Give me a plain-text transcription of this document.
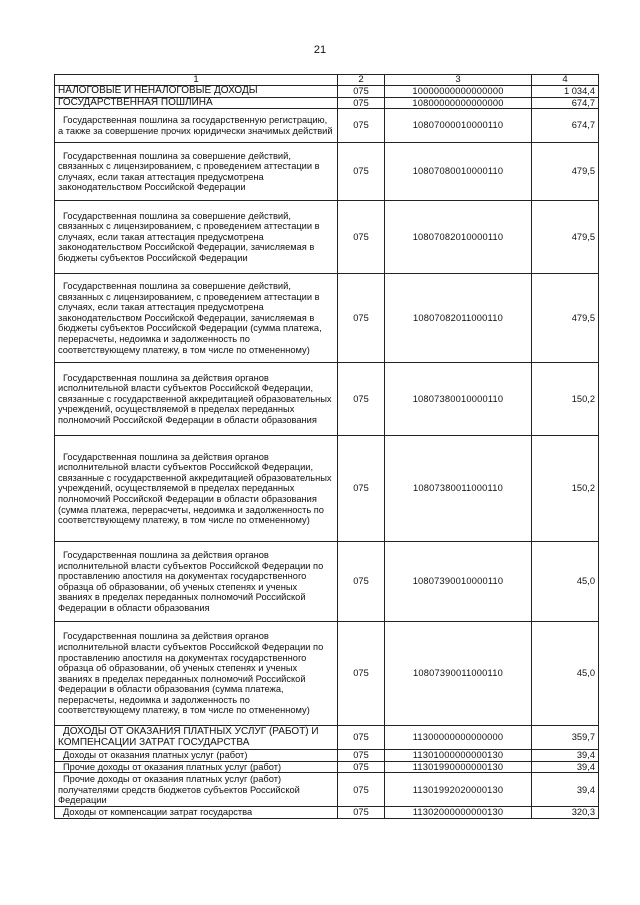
21
1	2	3	4
НАЛОГОВЫЕ И НЕНАЛОГОВЫЕ ДОХОДЫ	075	10000000000000000	1 034,4
ГОСУДАРСТВЕННАЯ ПОШЛИНА	075	10800000000000000	674,7
Государственная пошлина за государственную регистрацию, а также за совершение прочих юридически значимых действий	075	10807000010000110	674,7
Государственная пошлина за совершение действий, связанных с лицензированием, с проведением аттестации в случаях, если такая аттестация предусмотрена законодательством Российской Федерации	075	10807080010000110	479,5
Государственная пошлина за совершение действий, связанных с лицензированием, с проведением аттестации в случаях, если такая аттестация предусмотрена законодательством Российской Федерации, зачисляемая в бюджеты субъектов Российской Федерации	075	10807082010000110	479,5
Государственная пошлина за совершение действий, связанных с лицензированием, с проведением аттестации в случаях, если такая аттестация предусмотрена законодательством Российской Федерации, зачисляемая в бюджеты субъектов Российской Федерации (сумма платежа, перерасчеты, недоимка и задолженность по соответствующему платежу, в том числе по отмененному)	075	10807082011000110	479,5
Государственная пошлина за действия органов исполнительной власти субъектов Российской Федерации, связанные с государственной аккредитацией образовательных учреждений, осуществляемой в пределах переданных полномочий Российской Федерации в области образования	075	10807380010000110	150,2
Государственная пошлина за действия органов исполнительной власти субъектов Российской Федерации, связанные с государственной аккредитацией образовательных учреждений, осуществляемой в пределах переданных полномочий Российской Федерации в области образования (сумма платежа, перерасчеты, недоимка и задолженность по соответствующему платежу, в том числе по отмененному)	075	10807380011000110	150,2
Государственная пошлина за действия органов исполнительной власти субъектов Российской Федерации по проставлению апостиля на документах государственного образца об образовании, об ученых степенях и ученых званиях в пределах переданных полномочий Российской Федерации в области образования	075	10807390010000110	45,0
Государственная пошлина за действия органов исполнительной власти субъектов Российской Федерации по проставлению апостиля на документах государственного образца об образовании, об ученых степенях и ученых званиях в пределах переданных полномочий Российской Федерации в области образования (сумма платежа, перерасчеты, недоимка и задолженность по соответствующему платежу, в том числе по отмененному)	075	10807390011000110	45,0
ДОХОДЫ ОТ ОКАЗАНИЯ ПЛАТНЫХ УСЛУГ (РАБОТ) И КОМПЕНСАЦИИ ЗАТРАТ ГОСУДАРСТВА	075	11300000000000000	359,7
Доходы от оказания платных услуг (работ)	075	11301000000000130	39,4
Прочие доходы от оказания платных услуг (работ)	075	11301990000000130	39,4
Прочие доходы от оказания платных услуг (работ) получателями средств бюджетов субъектов Российской Федерации	075	11301992020000130	39,4
Доходы от компенсации затрат государства	075	11302000000000130	320,3
